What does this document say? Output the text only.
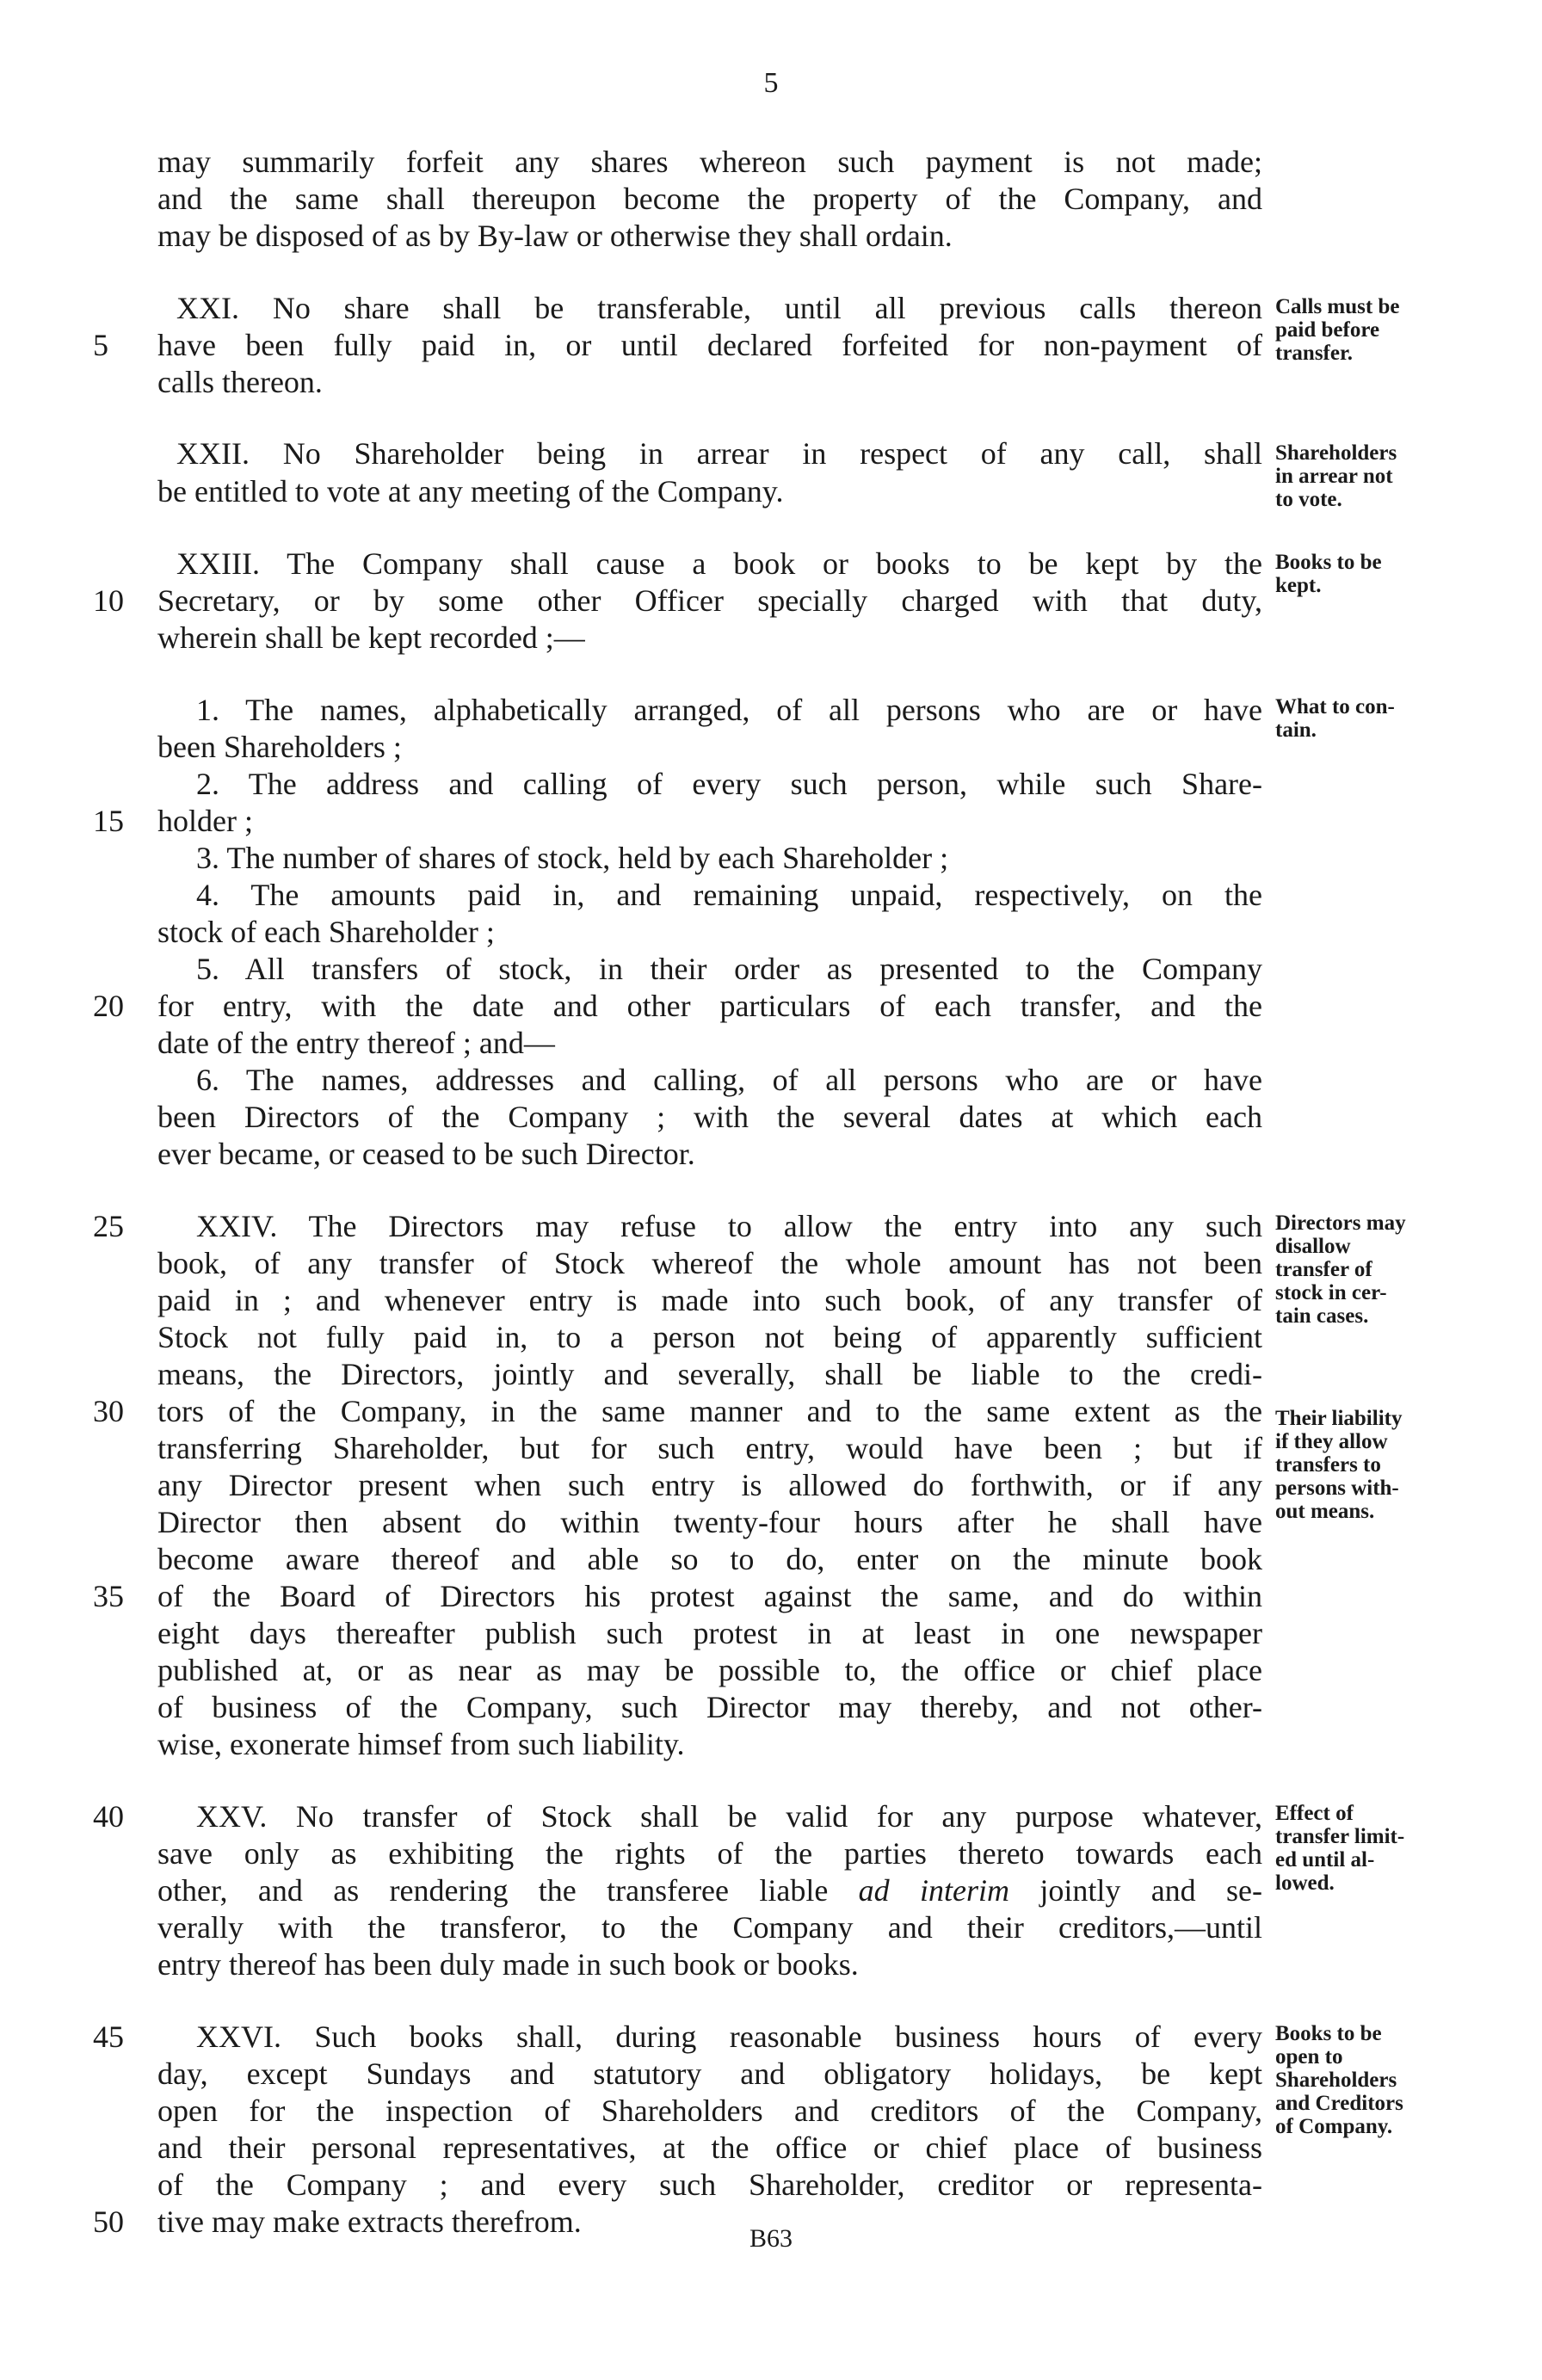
5
may summarily forfeit any shares whereon such payment is not made;
and the same shall thereupon become the property of the Company, and
may be disposed of as by By-law or otherwise they shall ordain.
XXI. No share shall be transferable, until all previous calls thereon
have been fully paid in, or until declared forfeited for non-payment of
calls thereon.
XXII. No Shareholder being in arrear in respect of any call, shall
be entitled to vote at any meeting of the Company.
XXIII. The Company shall cause a book or books to be kept by the
Secretary, or by some other Officer specially charged with that duty,
wherein shall be kept recorded ;—
1. The names, alphabetically arranged, of all persons who are or have
been Shareholders ;
2. The address and calling of every such person, while such Share-
holder ;
3. The number of shares of stock, held by each Shareholder ;
4. The amounts paid in, and remaining unpaid, respectively, on the
stock of each Shareholder ;
5. All transfers of stock, in their order as presented to the Company
for entry, with the date and other particulars of each transfer, and the
date of the entry thereof ; and—
6. The names, addresses and calling, of all persons who are or have
been Directors of the Company ; with the several dates at which each
ever became, or ceased to be such Director.
XXIV. The Directors may refuse to allow the entry into any such
book, of any transfer of Stock whereof the whole amount has not been
paid in ; and whenever entry is made into such book, of any transfer of
Stock not fully paid in, to a person not being of apparently sufficient
means, the Directors, jointly and severally, shall be liable to the credi-
tors of the Company, in the same manner and to the same extent as the
transferring Shareholder, but for such entry, would have been ; but if
any Director present when such entry is allowed do forthwith, or if any
Director then absent do within twenty-four hours after he shall have
become aware thereof and able so to do, enter on the minute book
of the Board of Directors his protest against the same, and do within
eight days thereafter publish such protest in at least in one newspaper
published at, or as near as may be possible to, the office or chief place
of business of the Company, such Director may thereby, and not other-
wise, exonerate himsef from such liability.
XXV. No transfer of Stock shall be valid for any purpose whatever,
save only as exhibiting the rights of the parties thereto towards each
other, and as rendering the transferee liable ad interim jointly and se-
verally with the transferor, to the Company and their creditors,—until
entry thereof has been duly made in such book or books.
XXVI. Such books shall, during reasonable business hours of every
day, except Sundays and statutory and obligatory holidays, be kept
open for the inspection of Shareholders and creditors of the Company,
and their personal representatives, at the office or chief place of business
of the Company ; and every such Shareholder, creditor or representa-
tive may make extracts therefrom.
5
10
15
20
25
30
35
40
45
50
Calls must be
paid before
transfer.
Shareholders
in arrear not
to vote.
Books to be
kept.
What to con-
tain.
Directors may
disallow
transfer of
stock in cer-
tain cases.
Their liability
if they allow
transfers to
persons with-
out means.
Effect of
transfer limit-
ed until al-
lowed.
Books to be
open to
Shareholders
and Creditors
of Company.
B63
